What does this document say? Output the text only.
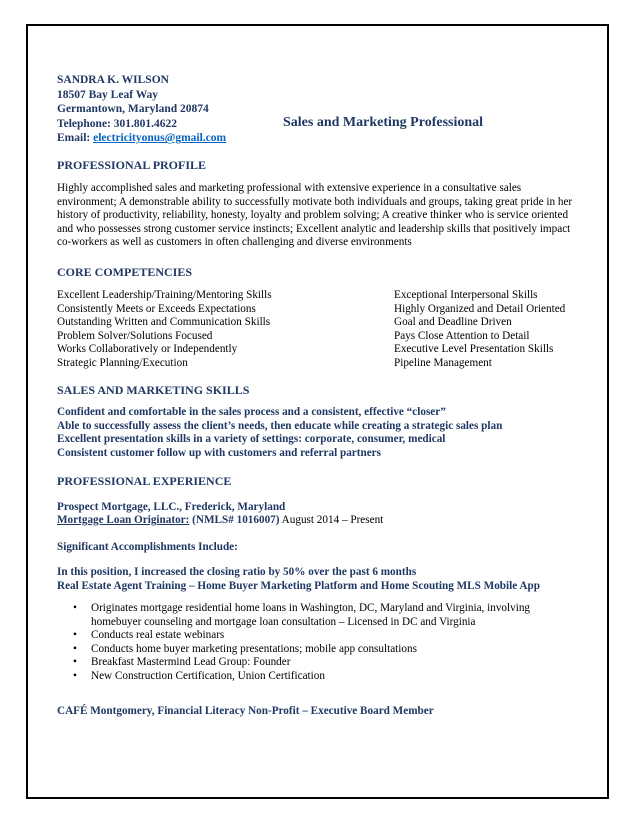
SANDRA K. WILSON
18507 Bay Leaf Way
Germantown, Maryland 20874
Telephone: 301.801.4622
Email: electricityonus@gmail.com
Sales and Marketing Professional
PROFESSIONAL PROFILE
Highly accomplished sales and marketing professional with extensive experience in a consultative sales environment; A demonstrable ability to successfully motivate both individuals and groups, taking great pride in her history of productivity, reliability, honesty, loyalty and problem solving; A creative thinker who is service oriented and who possesses strong customer service instincts; Excellent analytic and leadership skills that positively impact co-workers as well as customers in often challenging and diverse environments
CORE COMPETENCIES
Excellent Leadership/Training/Mentoring Skills
Consistently Meets or Exceeds Expectations
Outstanding Written and Communication Skills
Problem Solver/Solutions Focused
Works Collaboratively or Independently
Strategic Planning/Execution
Exceptional Interpersonal Skills
Highly Organized and Detail Oriented
Goal and Deadline Driven
Pays Close Attention to Detail
Executive Level Presentation Skills
Pipeline Management
SALES AND MARKETING SKILLS
Confident and comfortable in the sales process and a consistent, effective “closer”
Able to successfully assess the client’s needs, then educate while creating a strategic sales plan
Excellent presentation skills in a variety of settings: corporate, consumer, medical
Consistent customer follow up with customers and referral partners
PROFESSIONAL EXPERIENCE
Prospect Mortgage, LLC., Frederick, Maryland
Mortgage Loan Originator: (NMLS# 1016007) August 2014 – Present
Significant Accomplishments Include:
In this position, I increased the closing ratio by 50% over the past 6 months
Real Estate Agent Training – Home Buyer Marketing Platform and Home Scouting MLS Mobile App
• Originates mortgage residential home loans in Washington, DC, Maryland and Virginia, involving homebuyer counseling and mortgage loan consultation – Licensed in DC and Virginia
• Conducts real estate webinars
• Conducts home buyer marketing presentations; mobile app consultations
• Breakfast Mastermind Lead Group: Founder
• New Construction Certification, Union Certification
CAFÉ Montgomery, Financial Literacy Non-Profit – Executive Board Member
